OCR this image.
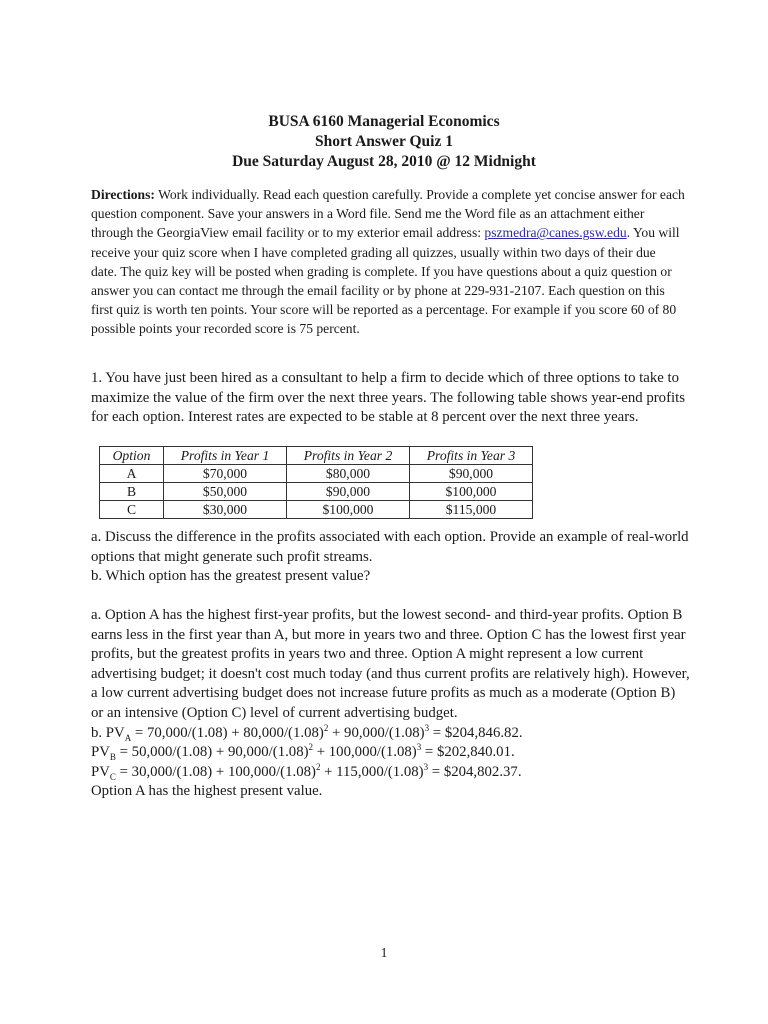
BUSA 6160 Managerial Economics
Short Answer Quiz 1
Due Saturday August 28, 2010 @ 12 Midnight
Directions: Work individually. Read each question carefully. Provide a complete yet concise answer for each question component. Save your answers in a Word file. Send me the Word file as an attachment either through the GeorgiaView email facility or to my exterior email address: pszmedra@canes.gsw.edu. You will receive your quiz score when I have completed grading all quizzes, usually within two days of their due date. The quiz key will be posted when grading is complete. If you have questions about a quiz question or answer you can contact me through the email facility or by phone at 229-931-2107. Each question on this first quiz is worth ten points. Your score will be reported as a percentage. For example if you score 60 of 80 possible points your recorded score is 75 percent.
1. You have just been hired as a consultant to help a firm to decide which of three options to take to maximize the value of the firm over the next three years. The following table shows year-end profits for each option. Interest rates are expected to be stable at 8 percent over the next three years.
Option	Profits in Year 1	Profits in Year 2	Profits in Year 3
A	$70,000	$80,000	$90,000
B	$50,000	$90,000	$100,000
C	$30,000	$100,000	$115,000
a. Discuss the difference in the profits associated with each option. Provide an example of real-world options that might generate such profit streams.
b. Which option has the greatest present value?
a. Option A has the highest first-year profits, but the lowest second- and third-year profits. Option B earns less in the first year than A, but more in years two and three. Option C has the lowest first year profits, but the greatest profits in years two and three. Option A might represent a low current advertising budget; it doesn't cost much today (and thus current profits are relatively high). However, a low current advertising budget does not increase future profits as much as a moderate (Option B) or an intensive (Option C) level of current advertising budget.
b. $PV_A = 70,000/(1.08) + 80,000/(1.08)^2 + 90,000/(1.08)^3$ = $204,846.82.
$PV_B = 50,000/(1.08) + 90,000/(1.08)^2 + 100,000/(1.08)^3$ = $202,840.01.
$PV_C = 30,000/(1.08) + 100,000/(1.08)^2 + 115,000/(1.08)^3$ = $204,802.37.
Option A has the highest present value.
1
